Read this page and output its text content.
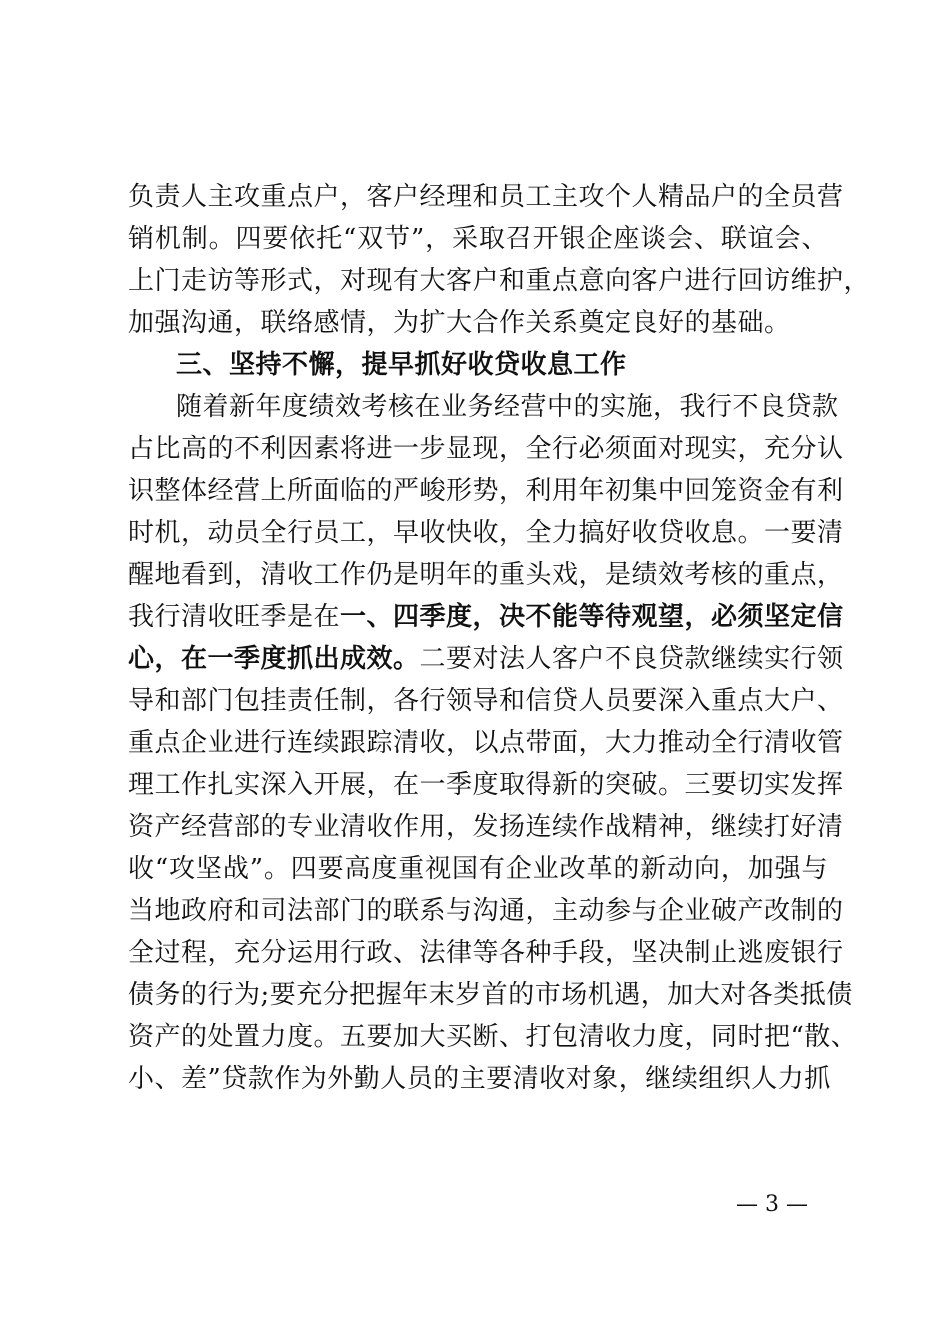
负责人主攻重点户，客户经理和员工主攻个人精品户的全员营
销机制。四要依托“双节”，采取召开银企座谈会、联谊会、
上门走访等形式，对现有大客户和重点意向客户进行回访维护，
加强沟通，联络感情，为扩大合作关系奠定良好的基础。
三、坚持不懈，提早抓好收贷收息工作
随着新年度绩效考核在业务经营中的实施，我行不良贷款
占比高的不利因素将进一步显现，全行必须面对现实，充分认
识整体经营上所面临的严峻形势，利用年初集中回笼资金有利
时机，动员全行员工，早收快收，全力搞好收贷收息。一要清
醒地看到，清收工作仍是明年的重头戏，是绩效考核的重点，
我行清收旺季是在一、四季度，决不能等待观望，必须坚定信
心，在一季度抓出成效。二要对法人客户不良贷款继续实行领
导和部门包挂责任制，各行领导和信贷人员要深入重点大户、
重点企业进行连续跟踪清收，以点带面，大力推动全行清收管
理工作扎实深入开展，在一季度取得新的突破。三要切实发挥
资产经营部的专业清收作用，发扬连续作战精神，继续打好清
收“攻坚战”。四要高度重视国有企业改革的新动向，加强与
当地政府和司法部门的联系与沟通，主动参与企业破产改制的
全过程，充分运用行政、法律等各种手段，坚决制止逃废银行
债务的行为;要充分把握年末岁首的市场机遇，加大对各类抵债
资产的处置力度。五要加大买断、打包清收力度，同时把“散、
小、差”贷款作为外勤人员的主要清收对象，继续组织人力抓
— 3 —
